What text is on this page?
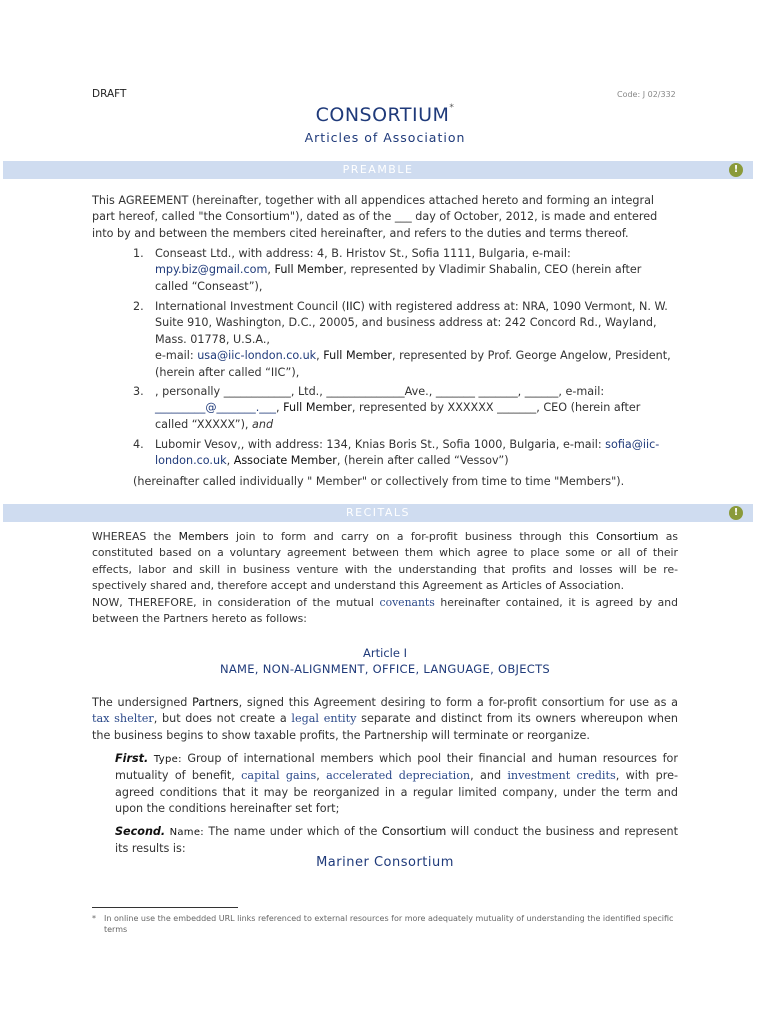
DRAFT	Code: J 02/332
CONSORTIUM*
Articles of Association
PREAMBLE	!

This AGREEMENT (hereinafter, together with all appendices attached hereto and forming an integral part hereof, called "the Consortium"), dated as of the ___ day of October, 2012, is made and entered into by and between the members cited hereinafter, and refers to the duties and terms thereof.

1.	Conseast Ltd., with address: 4, B. Hristov St., Sofia 1111, Bulgaria, e-mail: mpy.biz@gmail.com, Full Member, represented by Vladimir Shabalin, CEO (herein after called “Conseast”),
2.	International Investment Council (IIC) with registered address at: NRA, 1090 Vermont, N. W. Suite 910, Washington, D.C., 20005, and business address at: 242 Concord Rd., Wayland, Mass. 01778, U.S.A.,
e-mail: usa@iic-london.co.uk, Full Member, represented by Prof. George Angelow, President, (herein after called “IIC”),
3.	, personally ____________, Ltd., ______________Ave., _______ _______, ______, e-mail: _________@_______.___, Full Member, represented by XXXXXX _______, CEO (herein after called “XXXXX”), and
4.	Lubomir Vesov,, with address: 134, Knias Boris St., Sofia 1000, Bulgaria, e-mail: sofia@iic-london.co.uk, Associate Member, (herein after called “Vessov”)

(hereinafter called individually " Member" or collectively from time to time "Members").

RECITALS	!

WHEREAS the Members join to form and carry on a for-profit business through this Consortium as constituted based on a voluntary agreement between them which agree to place some or all of their effects, labor and skill in business venture with the understanding that profits and losses will be re-spectively shared and, therefore accept and understand this Agreement as Articles of Association.

NOW, THEREFORE, in consideration of the mutual covenants hereinafter contained, it is agreed by and between the Partners hereto as follows:

Article I
NAME, NON-ALIGNMENT, OFFICE, LANGUAGE, OBJECTS

The undersigned Partners, signed this Agreement desiring to form a for-profit consortium for use as a tax shelter, but does not create a legal entity separate and distinct from its owners whereupon when the business begins to show taxable profits, the Partnership will terminate or reorganize.

First. Type: Group of international members which pool their financial and human resources for mutuality of benefit, capital gains, accelerated depreciation, and investment credits, with pre-agreed conditions that it may be reorganized in a regular limited company, under the term and upon the conditions hereinafter set fort;

Second. Name: The name under which of the Consortium will conduct the business and represent its results is:

Mariner Consortium
* In online use the embedded URL links referenced to external resources for more adequately mutuality of understanding the identified specific terms
